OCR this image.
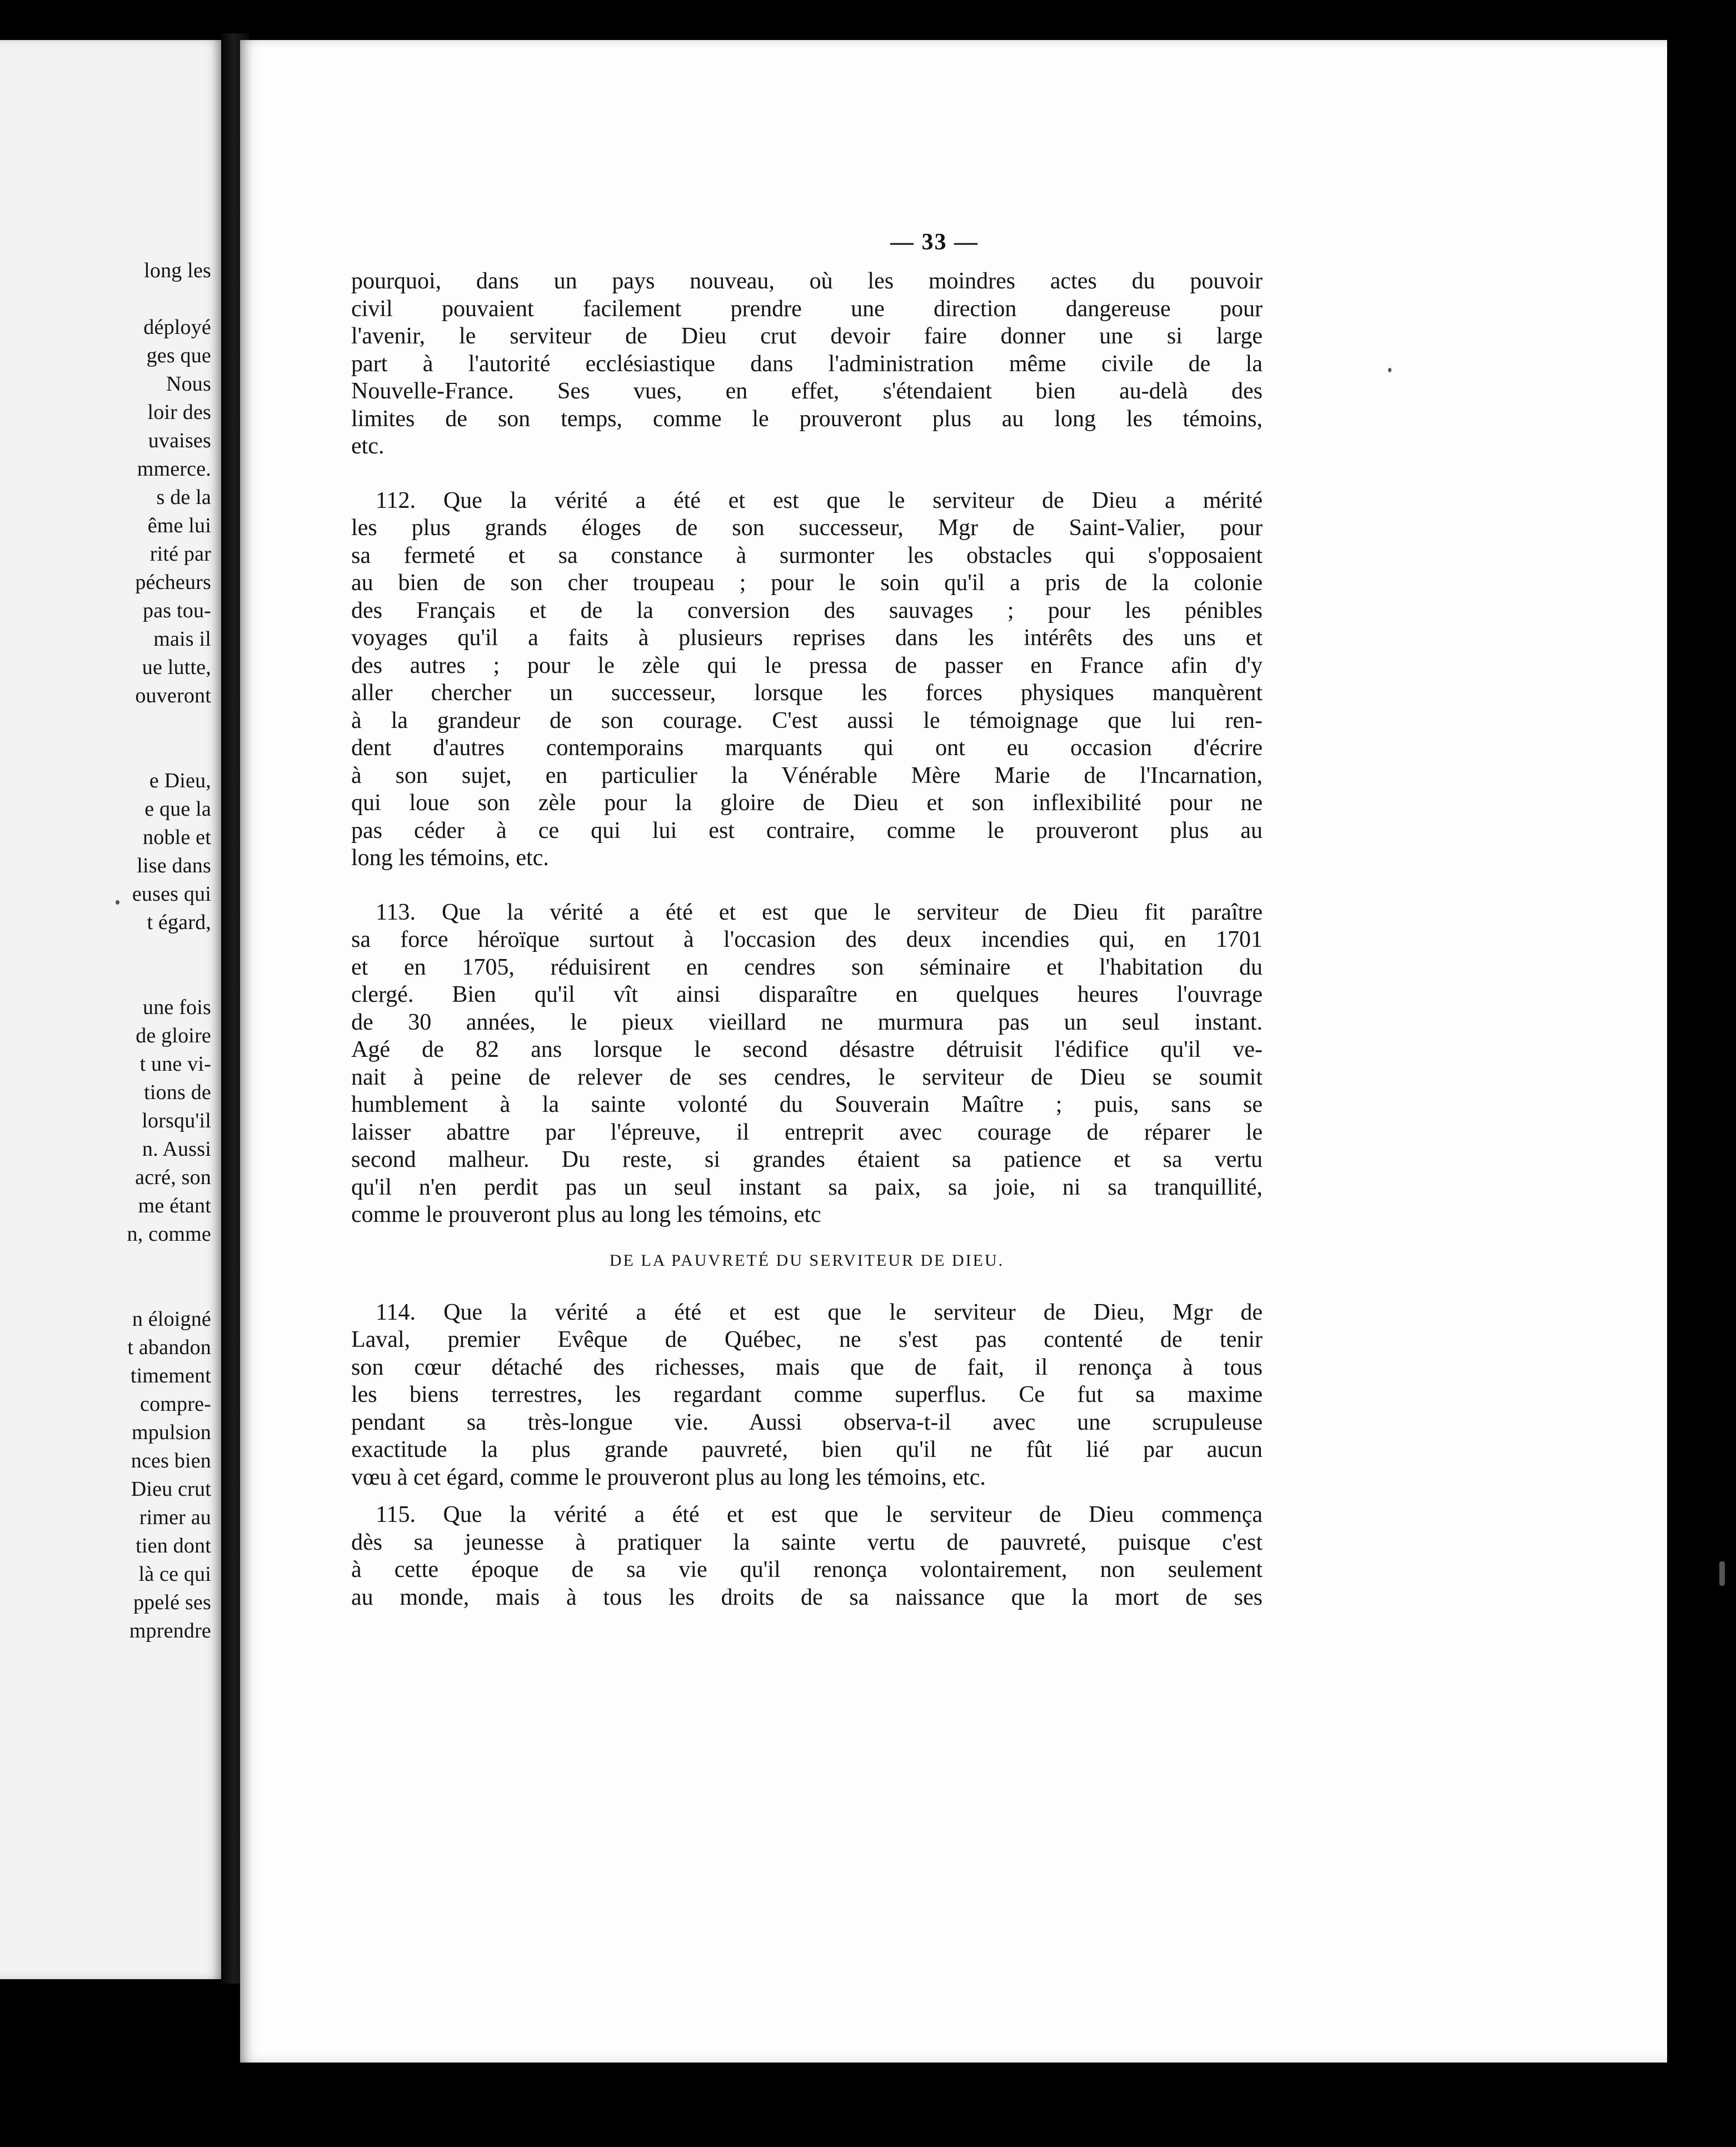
long les
déployé
ges que
Nous
loir des
uvaises
mmerce.
s de la
ême lui
rité par
pécheurs
pas tou-
mais il
ue lutte,
ouveront
e Dieu,
e que la
noble et
lise dans
euses qui
t égard,
une fois
de gloire
t une vi-
tions de
lorsqu'il
n. Aussi
acré, son
me étant
n, comme
n éloigné
t abandon
timement
compre-
mpulsion
nces bien
Dieu crut
rimer au
tien dont
là ce qui
ppelé ses
mprendre
— 33 —
pourquoi, dans un pays nouveau, où les moindres actes du pouvoir
civil pouvaient facilement prendre une direction dangereuse pour
l'avenir, le serviteur de Dieu crut devoir faire donner une si large
part à l'autorité ecclésiastique dans l'administration même civile de la
Nouvelle-France. Ses vues, en effet, s'étendaient bien au-delà des
limites de son temps, comme le prouveront plus au long les témoins,
etc.
112. Que la vérité a été et est que le serviteur de Dieu a mérité
les plus grands éloges de son successeur, Mgr de Saint-Valier, pour
sa fermeté et sa constance à surmonter les obstacles qui s'opposaient
au bien de son cher troupeau ; pour le soin qu'il a pris de la colonie
des Français et de la conversion des sauvages ; pour les pénibles
voyages qu'il a faits à plusieurs reprises dans les intérêts des uns et
des autres ; pour le zèle qui le pressa de passer en France afin d'y
aller chercher un successeur, lorsque les forces physiques manquèrent
à la grandeur de son courage. C'est aussi le témoignage que lui ren-
dent d'autres contemporains marquants qui ont eu occasion d'écrire
à son sujet, en particulier la Vénérable Mère Marie de l'Incarnation,
qui loue son zèle pour la gloire de Dieu et son inflexibilité pour ne
pas céder à ce qui lui est contraire, comme le prouveront plus au
long les témoins, etc.
113. Que la vérité a été et est que le serviteur de Dieu fit paraître
sa force héroïque surtout à l'occasion des deux incendies qui, en 1701
et en 1705, réduisirent en cendres son séminaire et l'habitation du
clergé. Bien qu'il vît ainsi disparaître en quelques heures l'ouvrage
de 30 années, le pieux vieillard ne murmura pas un seul instant.
Agé de 82 ans lorsque le second désastre détruisit l'édifice qu'il ve-
nait à peine de relever de ses cendres, le serviteur de Dieu se soumit
humblement à la sainte volonté du Souverain Maître ; puis, sans se
laisser abattre par l'épreuve, il entreprit avec courage de réparer le
second malheur. Du reste, si grandes étaient sa patience et sa vertu
qu'il n'en perdit pas un seul instant sa paix, sa joie, ni sa tranquillité,
comme le prouveront plus au long les témoins, etc
DE LA PAUVRETÉ DU SERVITEUR DE DIEU.
114. Que la vérité a été et est que le serviteur de Dieu, Mgr de
Laval, premier Evêque de Québec, ne s'est pas contenté de tenir
son cœur détaché des richesses, mais que de fait, il renonça à tous
les biens terrestres, les regardant comme superflus. Ce fut sa maxime
pendant sa très-longue vie. Aussi observa-t-il avec une scrupuleuse
exactitude la plus grande pauvreté, bien qu'il ne fût lié par aucun
vœu à cet égard, comme le prouveront plus au long les témoins, etc.
115. Que la vérité a été et est que le serviteur de Dieu commença
dès sa jeunesse à pratiquer la sainte vertu de pauvreté, puisque c'est
à cette époque de sa vie qu'il renonça volontairement, non seulement
au monde, mais à tous les droits de sa naissance que la mort de ses
